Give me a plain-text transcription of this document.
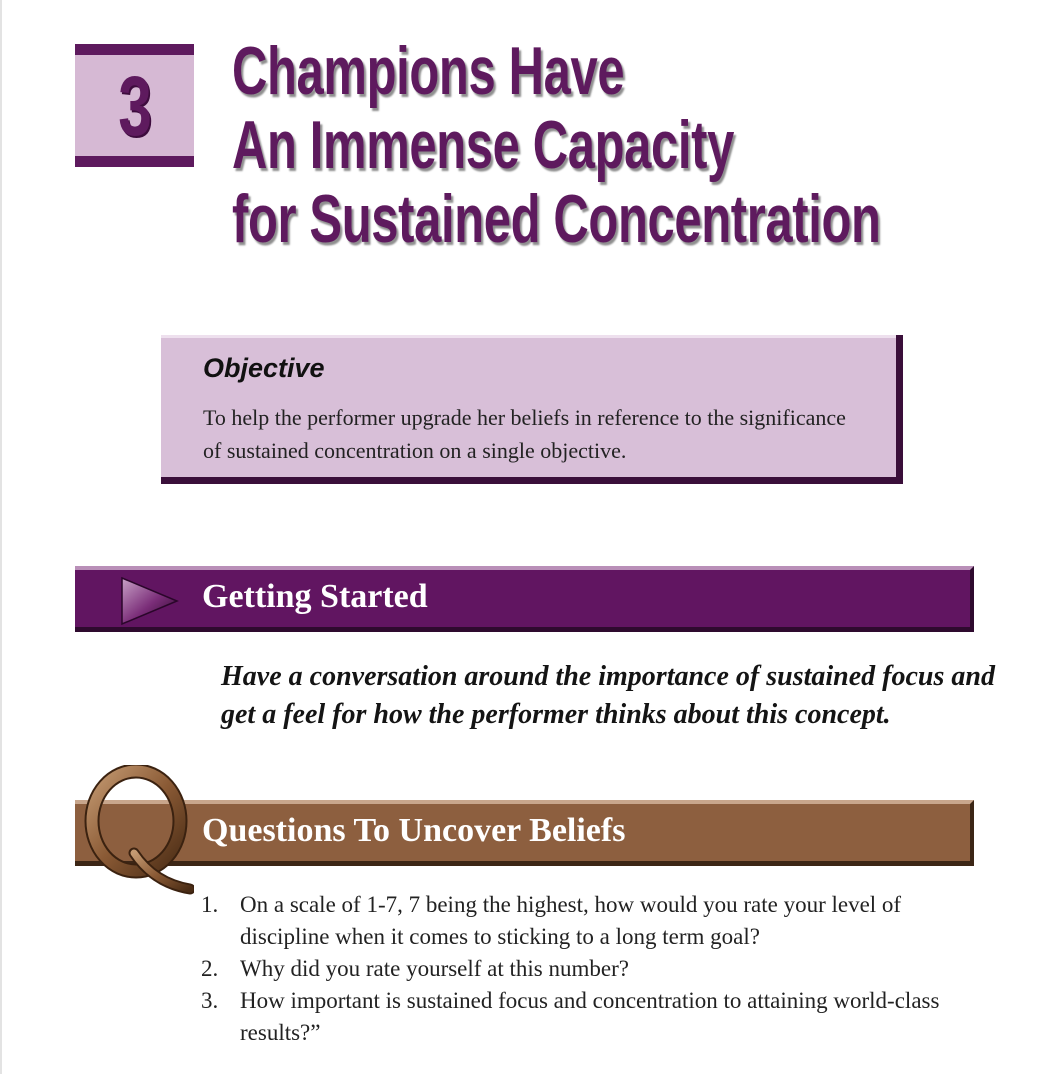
3 Champions Have
An Immense Capacity
for Sustained Concentration
Objective
To help the performer upgrade her beliefs in reference to the significance of sustained concentration on a single objective.
Getting Started
Have a conversation around the importance of sustained focus and get a feel for how the performer thinks about this concept.
Questions To Uncover Beliefs
1. On a scale of 1-7, 7 being the highest, how would you rate your level of discipline when it comes to sticking to a long term goal?
2. Why did you rate yourself at this number?
3. How important is sustained focus and concentration to attaining world-class results?”
